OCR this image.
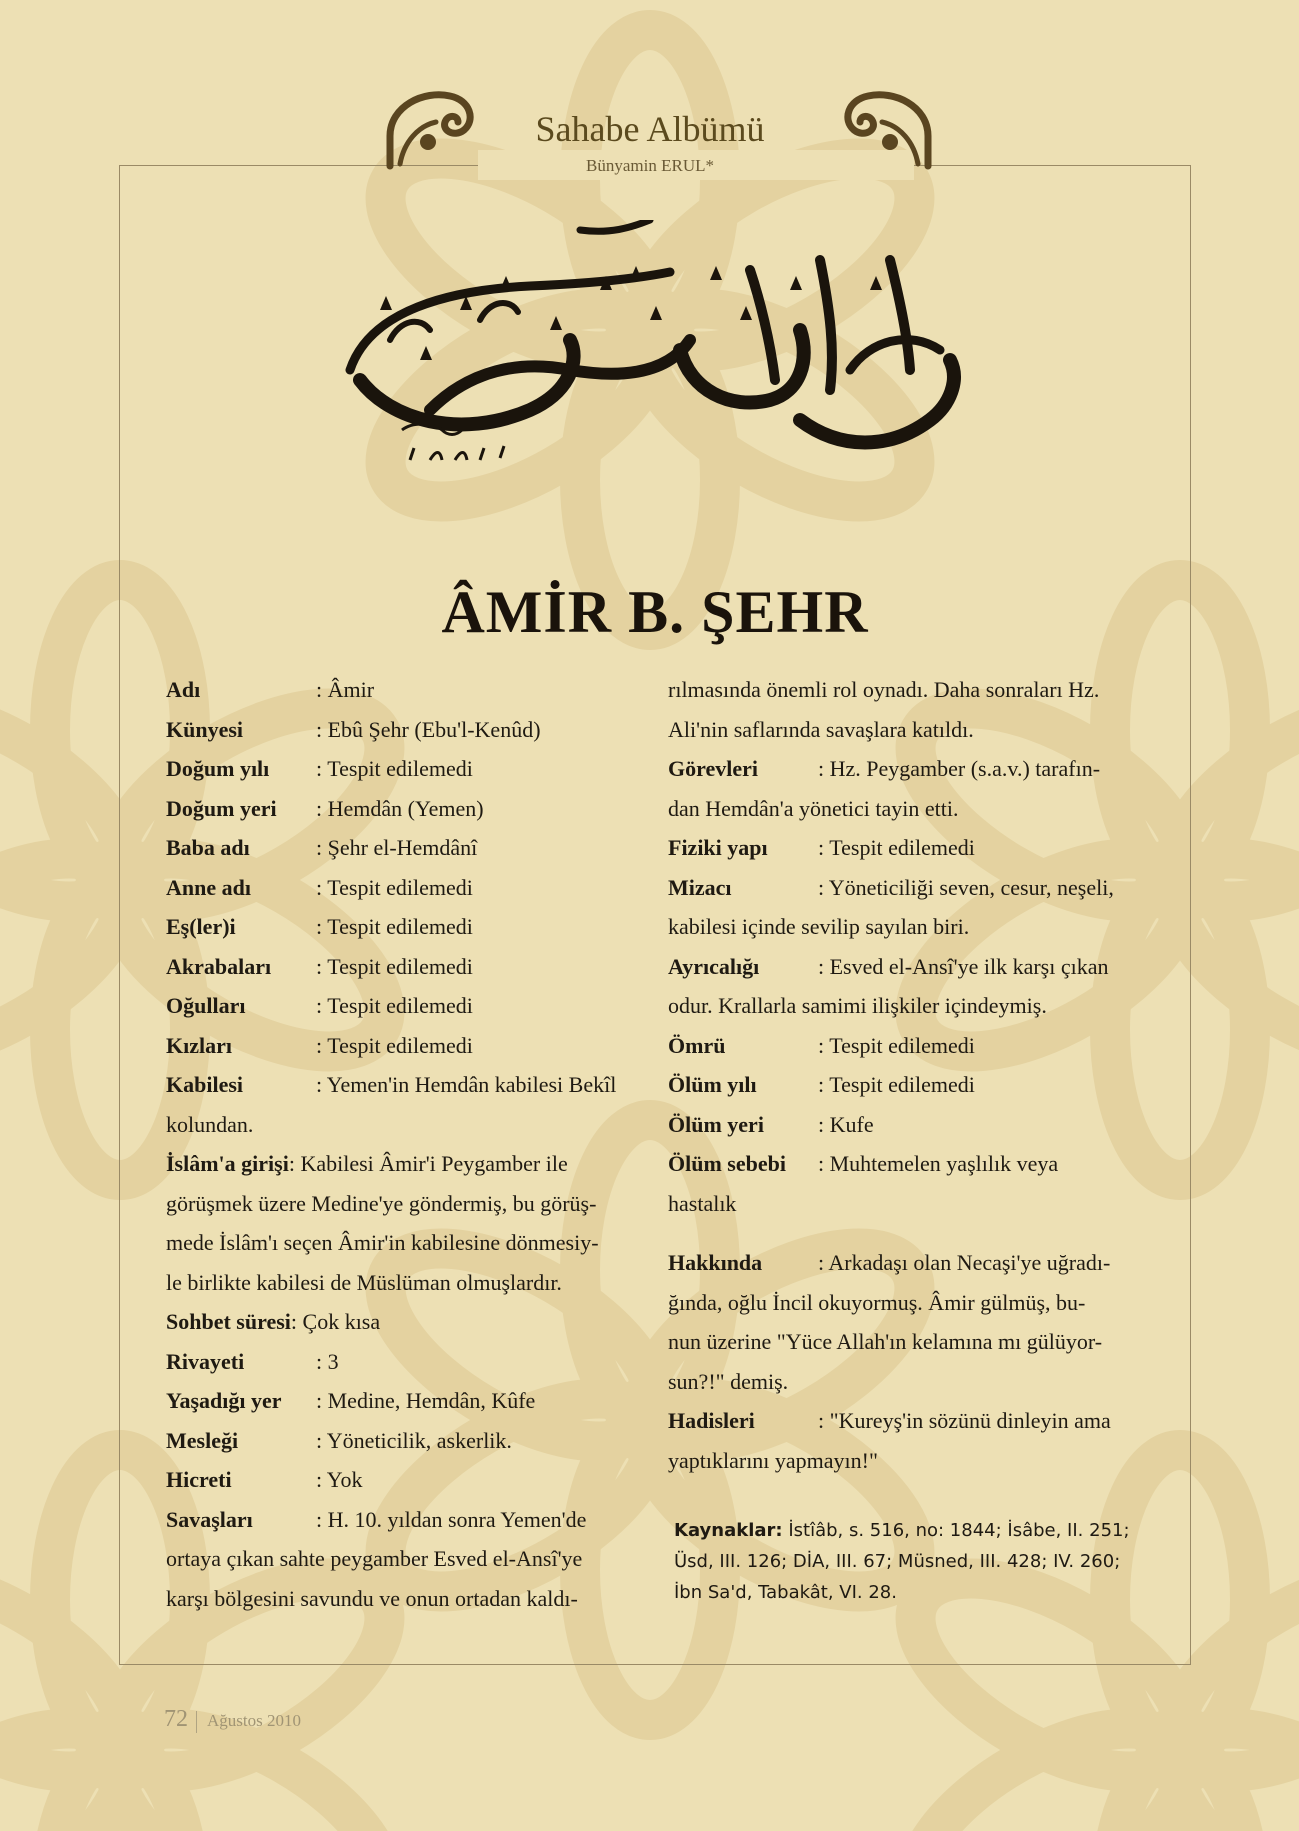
Sahabe Albümü
Bünyamin ERUL*
ÂMİR B. ŞEHR
Adı	: Âmir
Künyesi	: Ebû Şehr (Ebu'l-Kenûd)
Doğum yılı : Tespit edilemedi
Doğum yeri : Hemdân (Yemen)
Baba adı	: Şehr el-Hemdânî
Anne adı	: Tespit edilemedi
Eş(ler)i	: Tespit edilemedi
Akrabaları : Tespit edilemedi
Oğulları	: Tespit edilemedi
Kızları	: Tespit edilemedi
Kabilesi	: Yemen'in Hemdân kabilesi Bekîl
kolundan.
İslâm'a girişi: Kabilesi Âmir'i Peygamber ile
görüşmek üzere Medine'ye göndermiş, bu görüş-
mede İslâm'ı seçen Âmir'in kabilesine dönmesiy-
le birlikte kabilesi de Müslüman olmuşlardır.
Sohbet süresi: Çok kısa
Rivayeti	: 3
Yaşadığı yer : Medine, Hemdân, Kûfe
Mesleği	: Yöneticilik, askerlik.
Hicreti	: Yok
Savaşları	: H. 10. yıldan sonra Yemen'de
ortaya çıkan sahte peygamber Esved el-Ansî'ye
karşı bölgesini savundu ve onun ortadan kaldı-
rılmasında önemli rol oynadı. Daha sonraları Hz.
Ali'nin saflarında savaşlara katıldı.
Görevleri	: Hz. Peygamber (s.a.v.) tarafın-
dan Hemdân'a yönetici tayin etti.
Fiziki yapı : Tespit edilemedi
Mizacı	: Yöneticiliği seven, cesur, neşeli,
kabilesi içinde sevilip sayılan biri.
Ayrıcalığı	: Esved el-Ansî'ye ilk karşı çıkan
odur. Krallarla samimi ilişkiler içindeymiş.
Ömrü	: Tespit edilemedi
Ölüm yılı	: Tespit edilemedi
Ölüm yeri : Kufe
Ölüm sebebi : Muhtemelen yaşlılık veya
hastalık
Hakkında	: Arkadaşı olan Necaşi'ye uğradı-
ğında, oğlu İncil okuyormuş. Âmir gülmüş, bu-
nun üzerine "Yüce Allah'ın kelamına mı gülüyor-
sun?!" demiş.
Hadisleri	: "Kureyş'in sözünü dinleyin ama
yaptıklarını yapmayın!"
Kaynaklar: İstîâb, s. 516, no: 1844; İsâbe, II. 251;
Üsd, III. 126; DİA, III. 67; Müsned, III. 428; IV. 260;
İbn Sa'd, Tabakât, VI. 28.
72 Ağustos 2010
